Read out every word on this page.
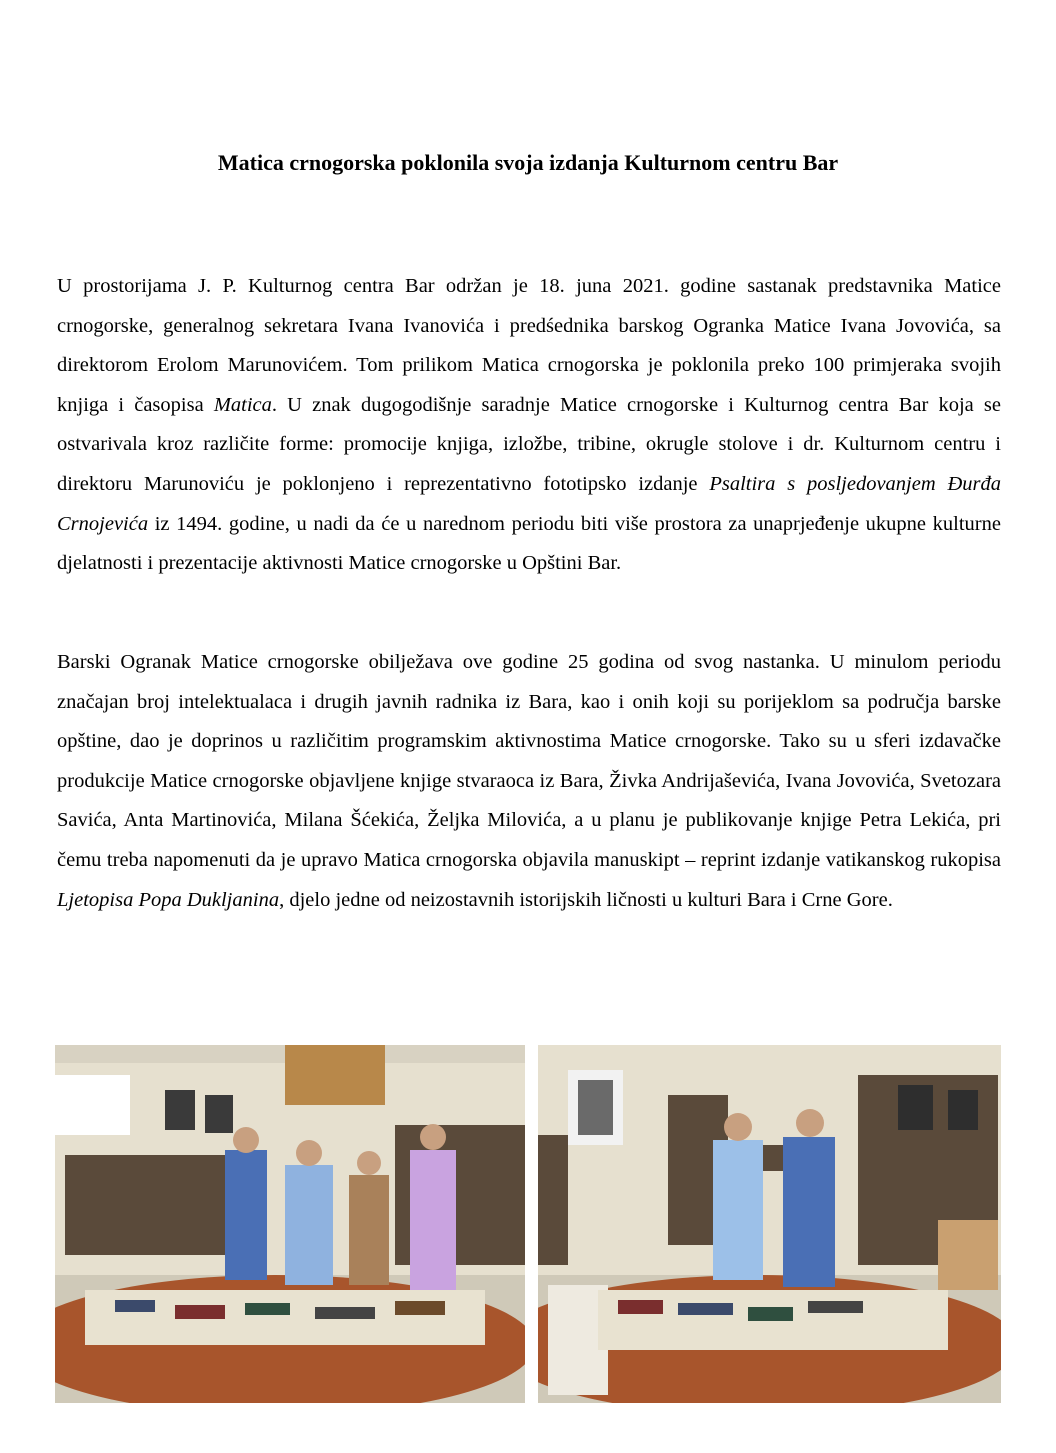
Matica crnogorska poklonila svoja izdanja Kulturnom centru Bar

U prostorijama J. P. Kulturnog centra Bar održan je 18. juna 2021. godine sastanak predstavnika Matice crnogorske, generalnog sekretara Ivana Ivanovića i predśednika barskog Ogranka Matice Ivana Jovovića, sa direktorom Erolom Marunovićem. Tom prilikom Matica crnogorska je poklonila preko 100 primjeraka svojih knjiga i časopisa Matica. U znak dugogodišnje saradnje Matice crnogorske i Kulturnog centra Bar koja se ostvarivala kroz različite forme: promocije knjiga, izložbe, tribine, okrugle stolove i dr. Kulturnom centru i direktoru Marunoviću je poklonjeno i reprezentativno fototipsko izdanje Psaltira s posljedovanjem Đurđa Crnojevića iz 1494. godine, u nadi da će u narednom periodu biti više prostora za unaprjeđenje ukupne kulturne djelatnosti i prezentacije aktivnosti Matice crnogorske u Opštini Bar.

Barski Ogranak Matice crnogorske obilježava ove godine 25 godina od svog nastanka. U minulom periodu značajan broj intelektualaca i drugih javnih radnika iz Bara, kao i onih koji su porijeklom sa područja barske opštine, dao je doprinos u različitim programskim aktivnostima Matice crnogorske. Tako su u sferi izdavačke produkcije Matice crnogorske objavljene knjige stvaraoca iz Bara, Živka Andrijaševića, Ivana Jovovića, Svetozara Savića, Anta Martinovića, Milana Šćekića, Željka Milovića, a u planu je publikovanje knjige Petra Lekića, pri čemu treba napomenuti da je upravo Matica crnogorska objavila manuskipt – reprint izdanje vatikanskog rukopisa Ljetopisa Popa Dukljanina, djelo jedne od neizostavnih istorijskih ličnosti u kulturi Bara i Crne Gore.
